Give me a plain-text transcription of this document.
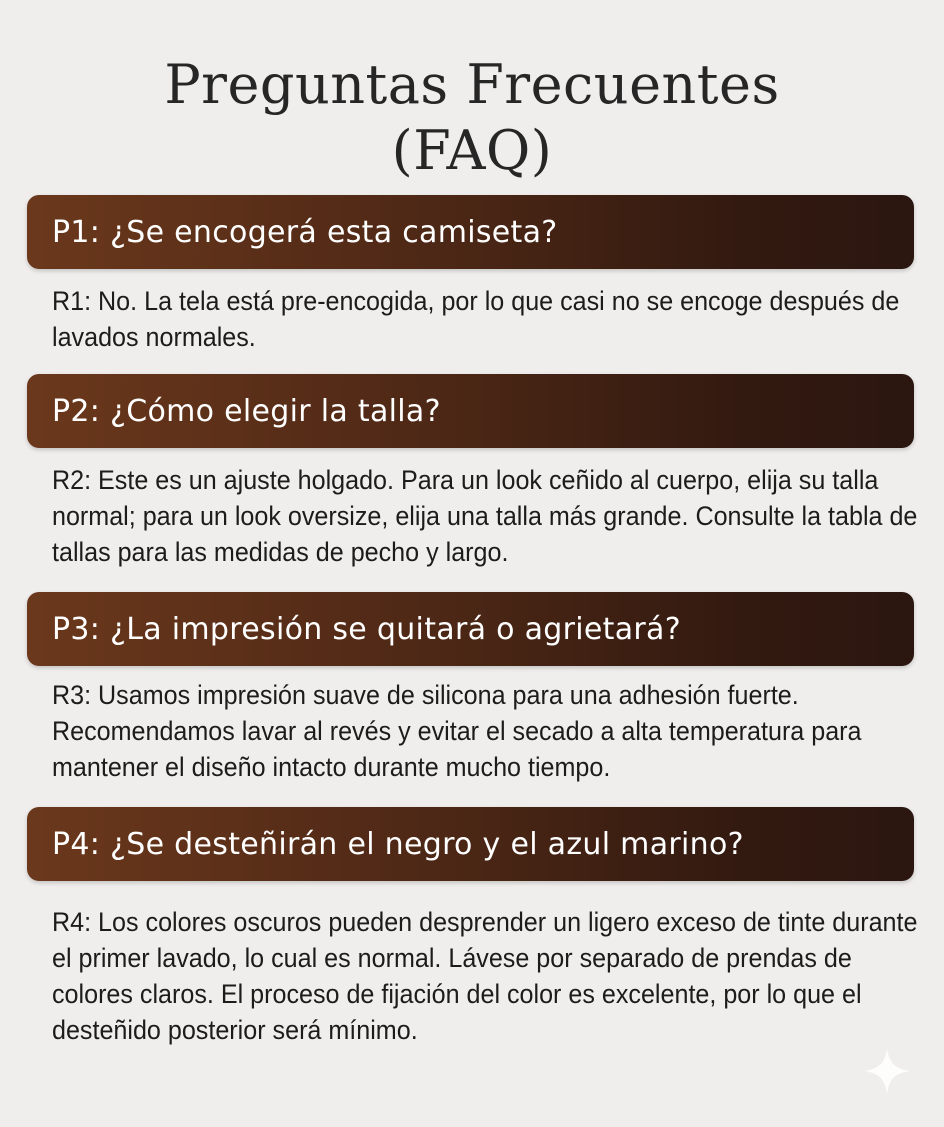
Preguntas Frecuentes
(FAQ)
P1: ¿Se encogerá esta camiseta?

R1: No. La tela está pre-encogida, por lo que casi no se encoge después de lavados normales.

P2: ¿Cómo elegir la talla?

R2: Este es un ajuste holgado. Para un look ceñido al cuerpo, elija su talla normal; para un look oversize, elija una talla más grande. Consulte la tabla de tallas para las medidas de pecho y largo.

P3: ¿La impresión se quitará o agrietará?

R3: Usamos impresión suave de silicona para una adhesión fuerte. Recomendamos lavar al revés y evitar el secado a alta temperatura para mantener el diseño intacto durante mucho tiempo.

P4: ¿Se desteñirán el negro y el azul marino?

R4: Los colores oscuros pueden desprender un ligero exceso de tinte durante el primer lavado, lo cual es normal. Lávese por separado de prendas de colores claros. El proceso de fijación del color es excelente, por lo que el desteñido posterior será mínimo.
